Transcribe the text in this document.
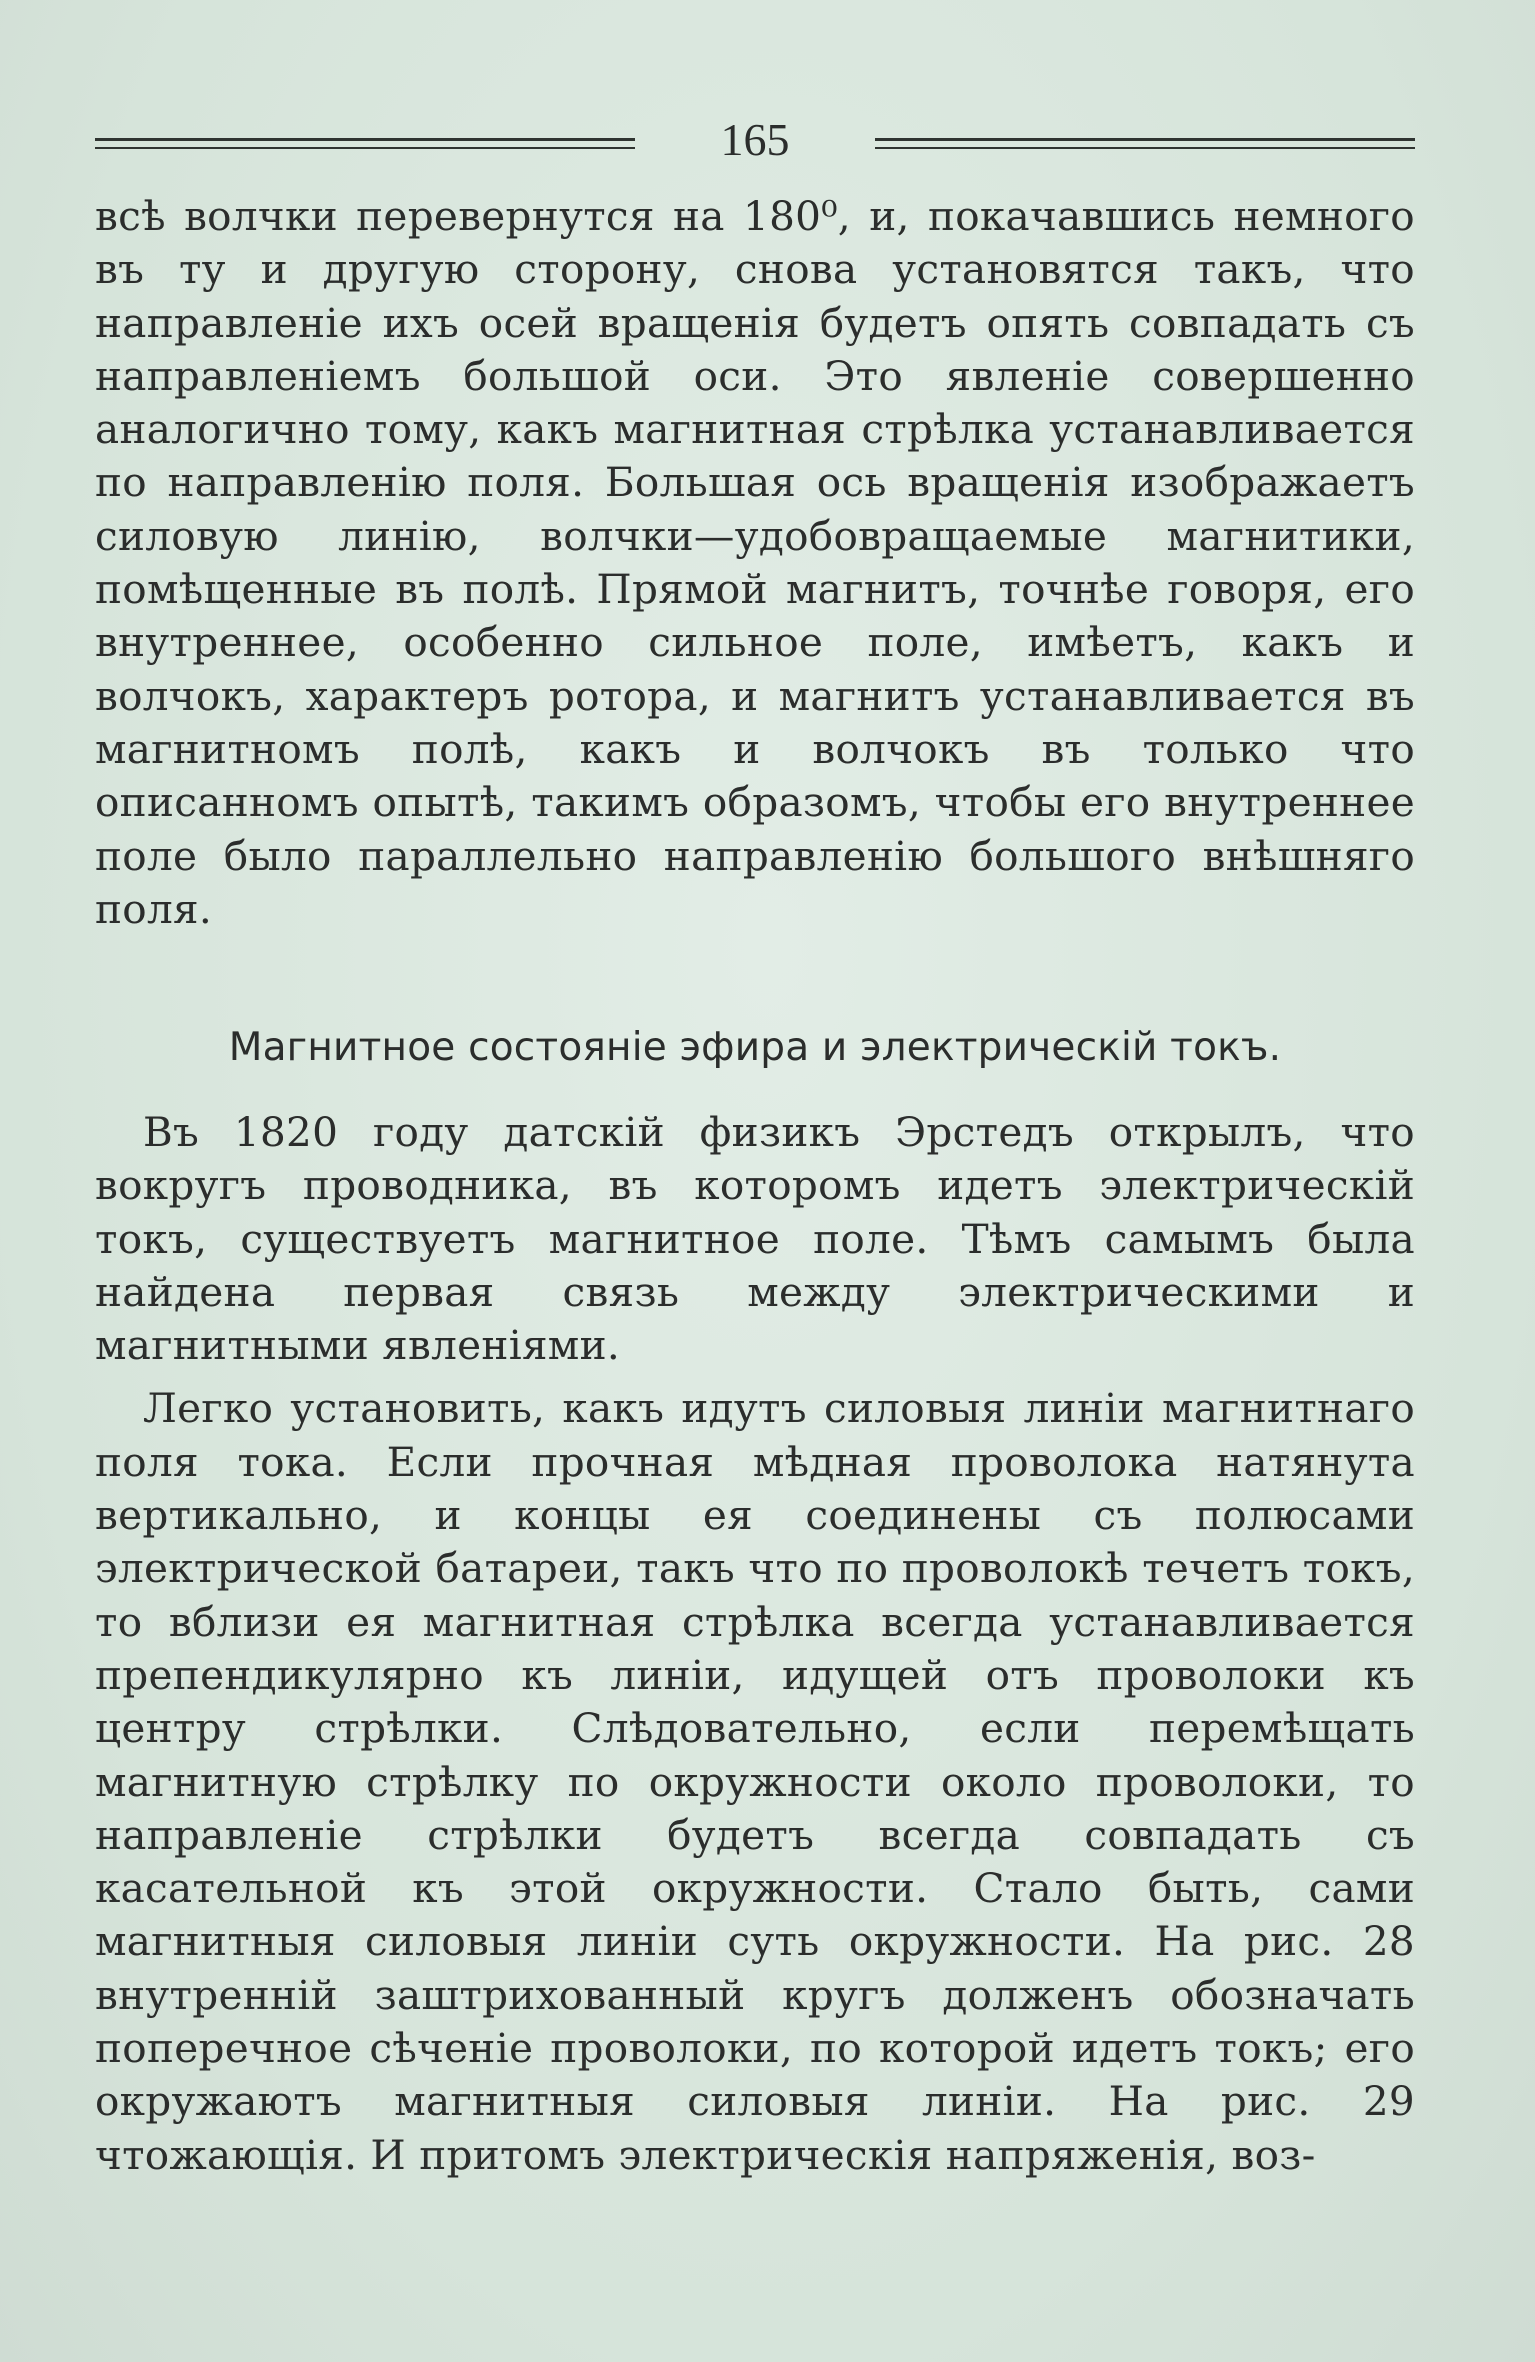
165

всѣ волчки перевернутся на 180⁰, и, покачавшись немного въ ту и другую сторону, снова установятся такъ, что направленіе ихъ осей вращенія будетъ опять совпадать съ направленіемъ большой оси. Это явленіе совершенно аналогично тому, какъ магнитная стрѣлка устанавливается по направленію поля. Большая ось вращенія изображаетъ силовую линію, волчки—удобовращаемые магнитики, помѣщенные въ полѣ. Прямой магнитъ, точнѣе говоря, его внутреннее, особенно сильное поле, имѣетъ, какъ и волчокъ, характеръ ротора, и магнитъ устанавливается въ магнитномъ полѣ, какъ и волчокъ въ только что описанномъ опытѣ, такимъ образомъ, чтобы его внутреннее поле было параллельно направленію большого внѣшняго поля.

Магнитное состояніе эфира и электрическій токъ.

Въ 1820 году датскій физикъ Эрстедъ открылъ, что вокругъ проводника, въ которомъ идетъ электрическій токъ, существуетъ магнитное поле. Тѣмъ самымъ была найдена первая связь между электрическими и магнитными явленіями.

Легко установить, какъ идутъ силовыя линіи магнитнаго поля тока. Если прочная мѣдная проволока натянута вертикально, и концы ея соединены съ полюсами электрической батареи, такъ что по проволокѣ течетъ токъ, то вблизи ея магнитная стрѣлка всегда устанавливается препендикулярно къ линіи, идущей отъ проволоки къ центру стрѣлки. Слѣдовательно, если перемѣщать магнитную стрѣлку по окружности около проволоки, то направленіе стрѣлки будетъ всегда совпадать съ касательной къ этой окружности. Стало быть, сами магнитныя силовыя линіи суть окружности. На рис. 28 внутренній заштрихованный кругъ долженъ обозначать поперечное сѣченіе проволоки, по которой идетъ токъ; его окружаютъ магнитныя силовыя линіи. На рис. 29 чтожающія. И притомъ электрическія напряженія, воз-
